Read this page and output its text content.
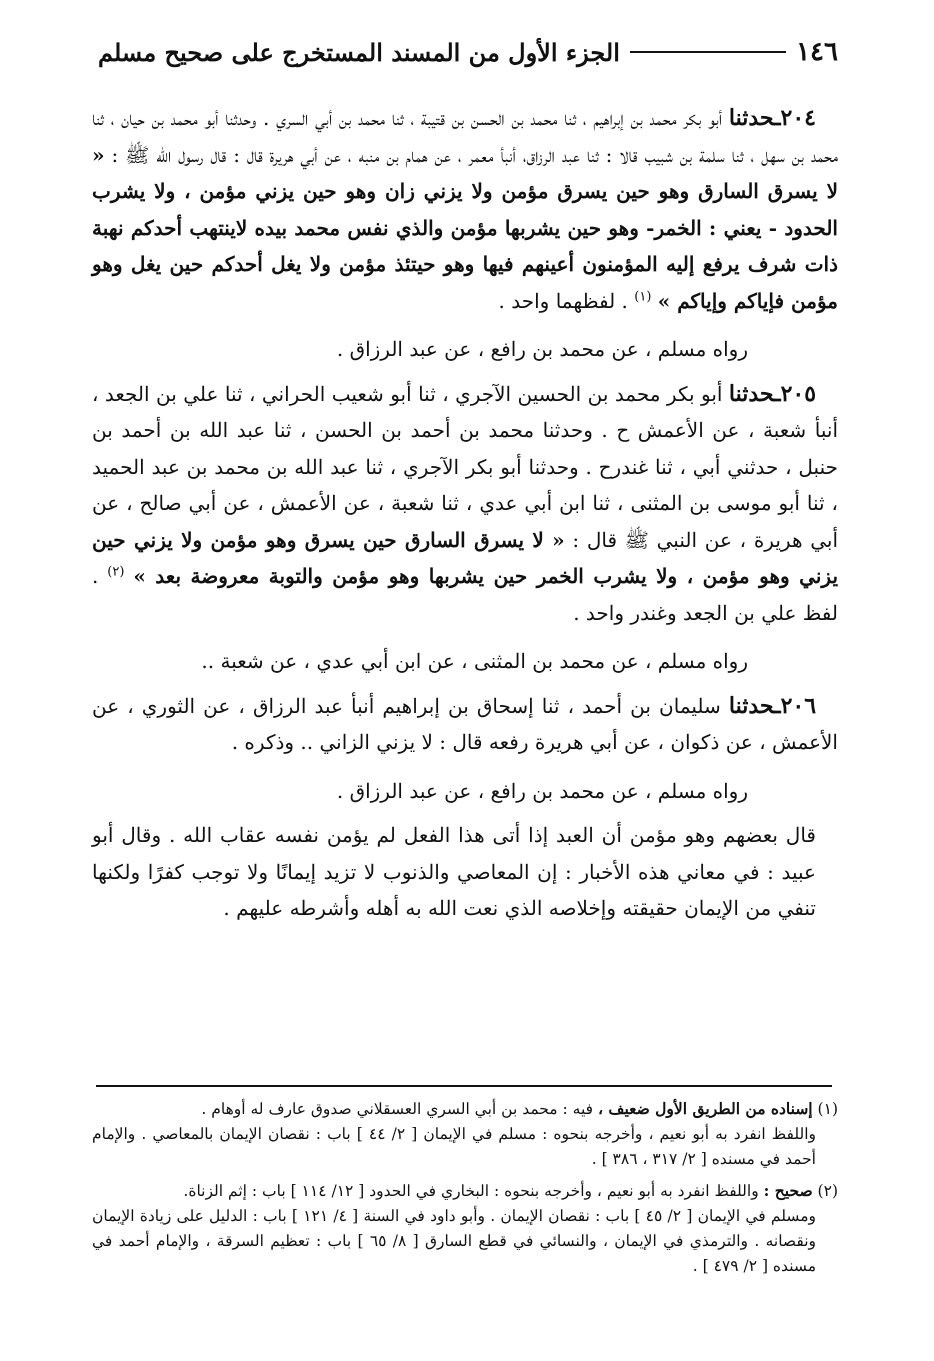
الجزء الأول من المسند المستخرج على صحيح مسلم	١٤٦

٢٠٤ـحدثنا أبو بكر محمد بن إبراهيم ، ثنا محمد بن الحسن بن قتيبة ، ثنا محمد بن أبي السري . وحدثنا أبو محمد بن حيان ، ثنا محمد بن سهل ، ثنا سلمة بن شبيب قالا : ثنا عبد الرزاق، أنبأ معمر ، عن همام بن منبه ، عن أبي هريرة قال : قال رسول الله ﷺ : « لا يسرق السارق وهو حين يسرق مؤمن ولا يزني زان وهو حين يزني مؤمن ، ولا يشرب الحدود - يعني : الخمر- وهو حين يشربها مؤمن والذي نفس محمد بيده لاينتهب أحدكم نهبة ذات شرف يرفع إليه المؤمنون أعينهم فيها وهو حيتئذ مؤمن ولا يغل أحدكم حين يغل وهو مؤمن فإياكم وإياكم » $^{(١)}$ . لفظهما واحد .

رواه مسلم ، عن محمد بن رافع ، عن عبد الرزاق .

٢٠٥ـحدثنا أبو بكر محمد بن الحسين الآجري ، ثنا أبو شعيب الحراني ، ثنا علي بن الجعد ، أنبأ شعبة ، عن الأعمش ح . وحدثنا محمد بن أحمد بن الحسن ، ثنا عبد الله بن أحمد بن حنبل ، حدثني أبي ، ثنا غندرح . وحدثنا أبو بكر الآجري ، ثنا عبد الله بن محمد بن عبد الحميد ، ثنا أبو موسى بن المثنى ، ثنا ابن أبي عدي ، ثنا شعبة ، عن الأعمش ، عن أبي صالح ، عن أبي هريرة ، عن النبي ﷺ قال : « لا يسرق السارق حين يسرق وهو مؤمن ولا يزني حين يزني وهو مؤمن ، ولا يشرب الخمر حين يشربها وهو مؤمن والتوبة معروضة بعد » $^{(٢)}$ . لفظ علي بن الجعد وغندر واحد .

رواه مسلم ، عن محمد بن المثنى ، عن ابن أبي عدي ، عن شعبة ..

٢٠٦ـحدثنا سليمان بن أحمد ، ثنا إسحاق بن إبراهيم أنبأ عبد الرزاق ، عن الثوري ، عن الأعمش ، عن ذكوان ، عن أبي هريرة رفعه قال : لا يزني الزاني .. وذكره .

رواه مسلم ، عن محمد بن رافع ، عن عبد الرزاق .

قال بعضهم وهو مؤمن أن العبد إذا أتى هذا الفعل لم يؤمن نفسه عقاب الله . وقال أبو عبيد : في معاني هذه الأخبار : إن المعاصي والذنوب لا تزيد إيمانًا ولا توجب كفرًا ولكنها تنفي من الإيمان حقيقته وإخلاصه الذي نعت الله به أهله وأشرطه عليهم .

(١) إسناده من الطريق الأول ضعيف ، فيه : محمد بن أبي السري العسقلاني صدوق عارف له أوهام .

واللفظ انفرد به أبو نعيم ، وأخرجه بنحوه : مسلم في الإيمان [ ٢/ ٤٤ ] باب : نقصان الإيمان بالمعاصي . والإمام أحمد في مسنده [ ٢/ ٣١٧ ، ٣٨٦ ] .

(٢) صحيح : واللفظ انفرد به أبو نعيم ، وأخرجه بنحوه : البخاري في الحدود [ ١٢/ ١١٤ ] باب : إثم الزناة.

ومسلم في الإيمان [ ٢/ ٤٥ ] باب : نقصان الإيمان . وأبو داود في السنة [ ٤/ ١٢١ ] باب : الدليل على زيادة الإيمان ونقصانه . والترمذي في الإيمان ، والنسائي في قطع السارق [ ٨/ ٦٥ ] باب : تعظيم السرقة ، والإمام أحمد في مسنده [ ٢/ ٤٧٩ ] .
